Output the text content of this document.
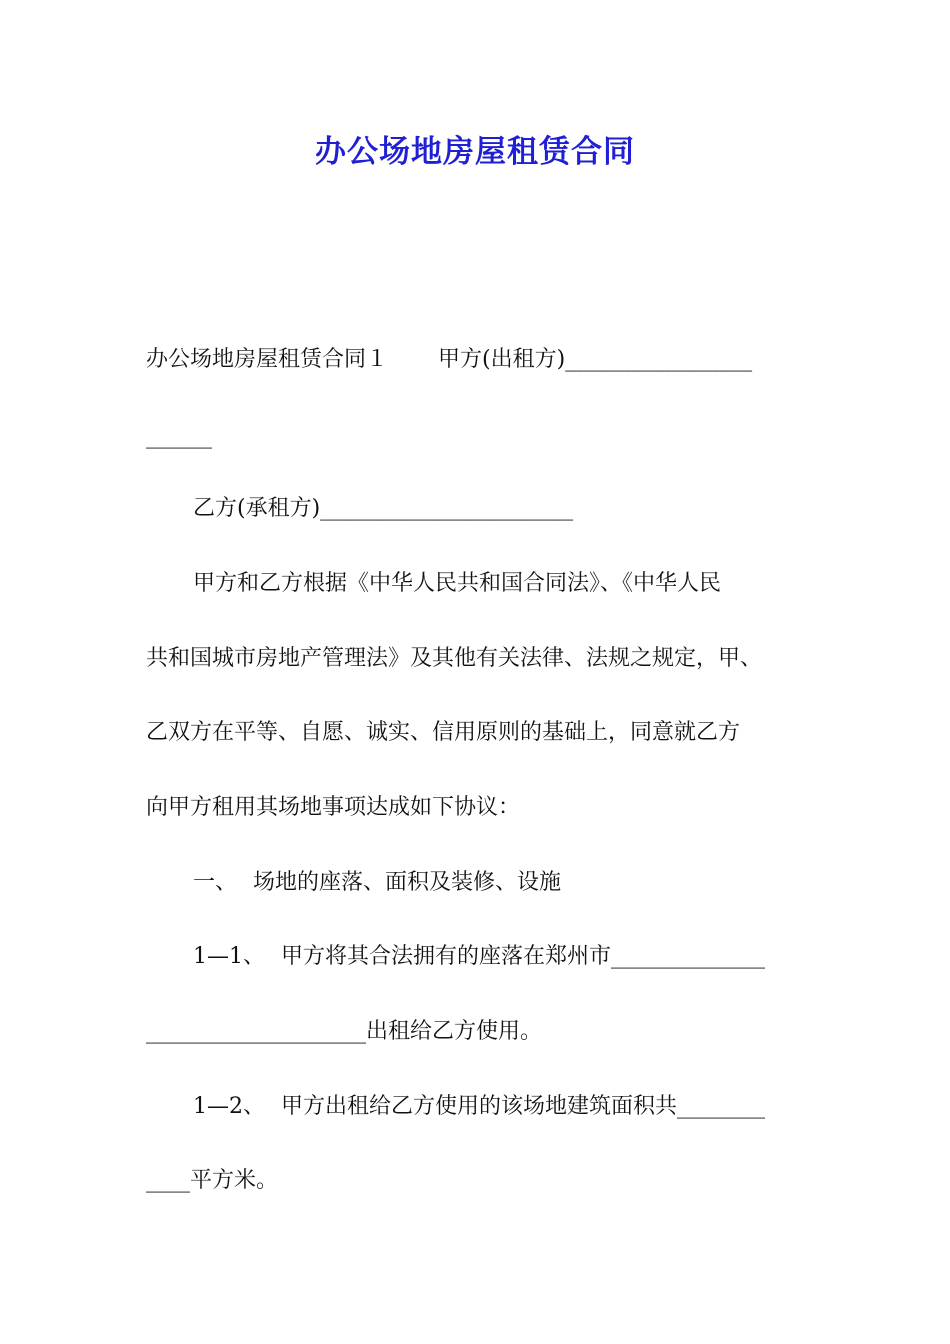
办公场地房屋租赁合同
办公场地房屋租赁合同１ 甲方(出租方)_________________
______
乙方(承租方)_______________________
甲方和乙方根据《中华人民共和国合同法》、《中华人民
共和国城市房地产管理法》及其他有关法律、法规之规定，甲、
乙双方在平等、自愿、诚实、信用原则的基础上，同意就乙方
向甲方租用其场地事项达成如下协议：
一、 场地的座落、面积及装修、设施
1—1、 甲方将其合法拥有的座落在郑州市______________
____________________出租给乙方使用。
1—2、 甲方出租给乙方使用的该场地建筑面积共________
____平方米。
